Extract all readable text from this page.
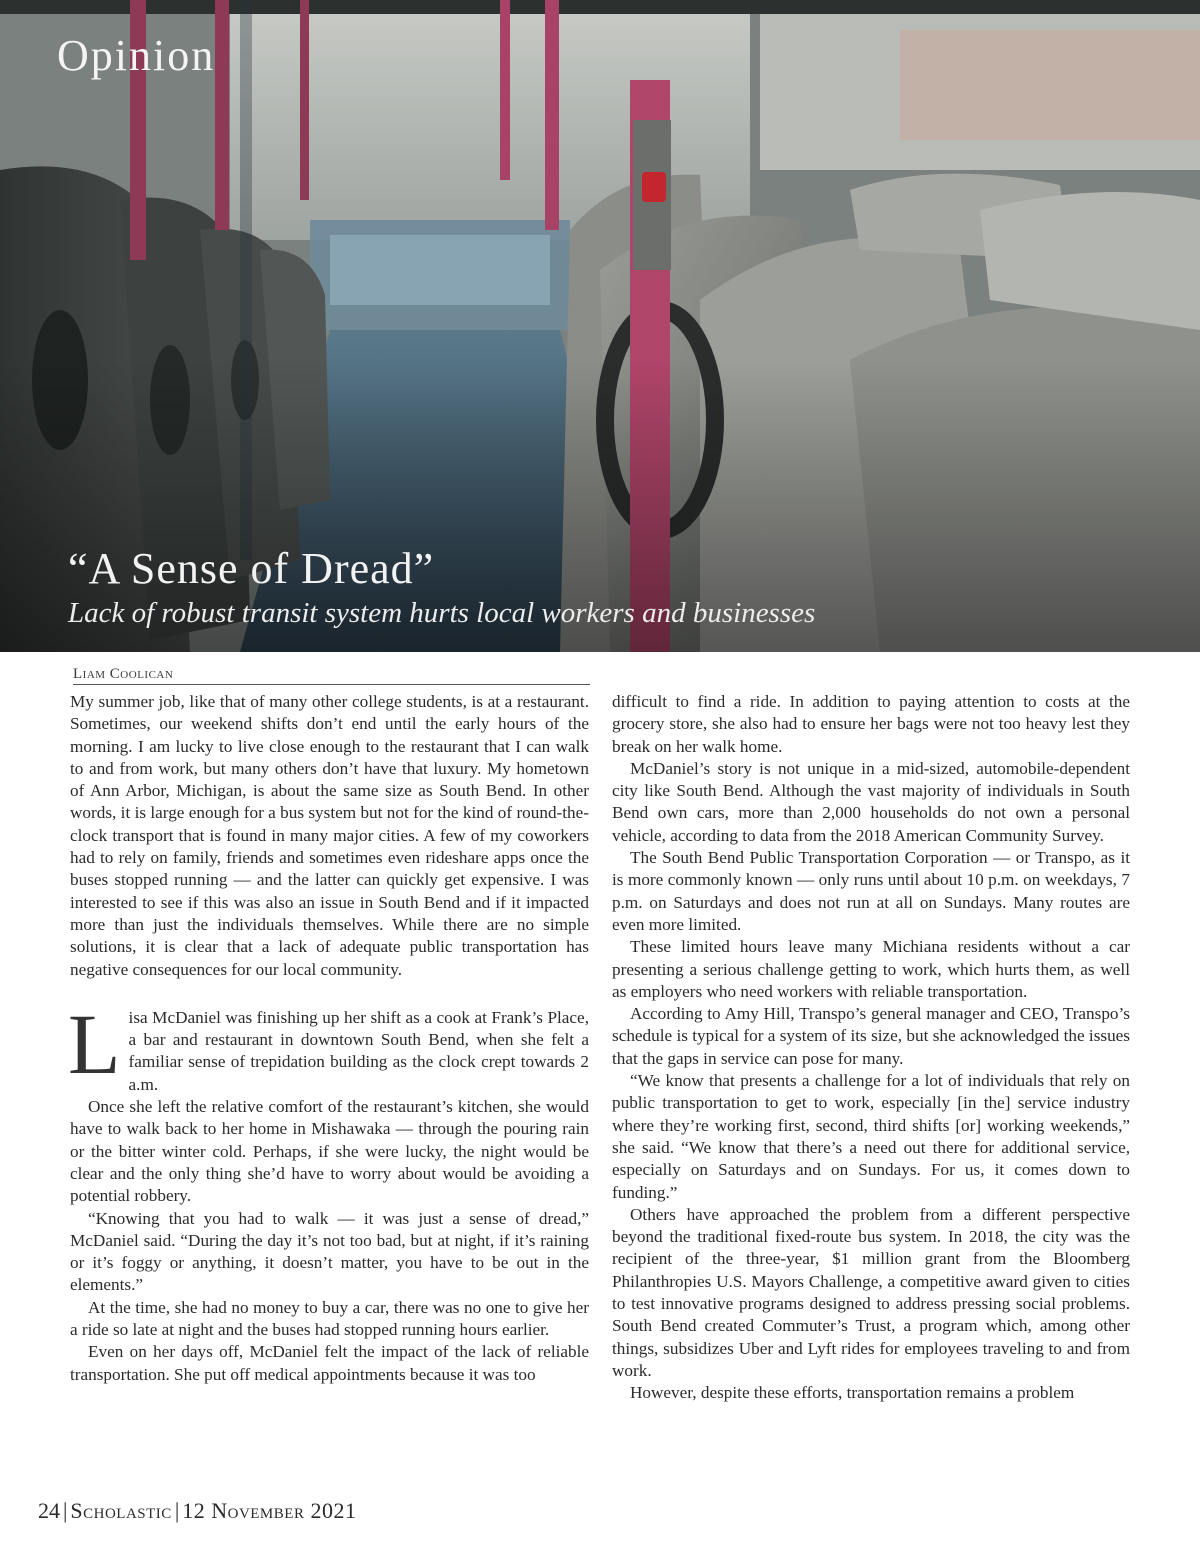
Opinion
“A Sense of Dread”
Lack of robust transit system hurts local workers and businesses
Liam Coolican

My summer job, like that of many other college students, is at a restaurant. Sometimes, our weekend shifts don’t end until the early hours of the morning. I am lucky to live close enough to the restaurant that I can walk to and from work, but many others don’t have that luxury. My hometown of Ann Arbor, Michigan, is about the same size as South Bend. In other words, it is large enough for a bus system but not for the kind of round-the-clock transport that is found in many major cities. A few of my coworkers had to rely on family, friends and sometimes even rideshare apps once the buses stopped running — and the latter can quickly get expensive. I was interested to see if this was also an issue in South Bend and if it impacted more than just the individuals themselves. While there are no simple solutions, it is clear that a lack of adequate public transportation has negative consequences for our local community.

Lisa McDaniel was finishing up her shift as a cook at Frank’s Place, a bar and restaurant in downtown South Bend, when she felt a familiar sense of trepidation building as the clock crept towards 2 a.m.

Once she left the relative comfort of the restaurant’s kitchen, she would have to walk back to her home in Mishawaka — through the pouring rain or the bitter winter cold. Perhaps, if she were lucky, the night would be clear and the only thing she’d have to worry about would be avoiding a potential robbery.

“Knowing that you had to walk — it was just a sense of dread,” McDaniel said. “During the day it’s not too bad, but at night, if it’s raining or it’s foggy or anything, it doesn’t matter, you have to be out in the elements.”

At the time, she had no money to buy a car, there was no one to give her a ride so late at night and the buses had stopped running hours earlier.

Even on her days off, McDaniel felt the impact of the lack of reliable transportation. She put off medical appointments because it was too

difficult to find a ride. In addition to paying attention to costs at the grocery store, she also had to ensure her bags were not too heavy lest they break on her walk home.

McDaniel’s story is not unique in a mid-sized, automobile-dependent city like South Bend. Although the vast majority of individuals in South Bend own cars, more than 2,000 households do not own a personal vehicle, according to data from the 2018 American Community Survey.

The South Bend Public Transportation Corporation — or Transpo, as it is more commonly known — only runs until about 10 p.m. on weekdays, 7 p.m. on Saturdays and does not run at all on Sundays. Many routes are even more limited.

These limited hours leave many Michiana residents without a car presenting a serious challenge getting to work, which hurts them, as well as employers who need workers with reliable transportation.

According to Amy Hill, Transpo’s general manager and CEO, Transpo’s schedule is typical for a system of its size, but she acknowledged the issues that the gaps in service can pose for many.

“We know that presents a challenge for a lot of individuals that rely on public transportation to get to work, especially [in the] service industry where they’re working first, second, third shifts [or] working weekends,” she said. “We know that there’s a need out there for additional service, especially on Saturdays and on Sundays. For us, it comes down to funding.”

Others have approached the problem from a different perspective beyond the traditional fixed-route bus system. In 2018, the city was the recipient of the three-year, $1 million grant from the Bloomberg Philanthropies U.S. Mayors Challenge, a competitive award given to cities to test innovative programs designed to address pressing social problems. South Bend created Commuter’s Trust, a program which, among other things, subsidizes Uber and Lyft rides for employees traveling to and from work.

However, despite these efforts, transportation remains a problem

24 | Scholastic | 12 November 2021
